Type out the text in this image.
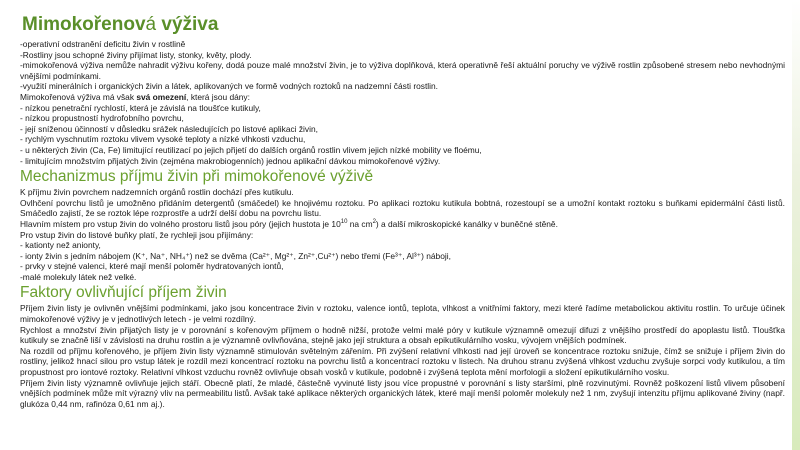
Mimokořenová výživa

-operativní odstranění deficitu živin v rostlině

-Rostliny jsou schopné živiny přijímat listy, stonky, květy, plody.

-mimokořenová výživa nemůže nahradit výživu kořeny, dodá pouze malé množství živin, je to výživa doplňková, která operativně řeší aktuální poruchy ve výživě rostlin způsobené stresem nebo nevhodnými vnějšími podmínkami.

-využití minerálních i organických živin a látek, aplikovaných ve formě vodných roztoků na nadzemní části rostlin.

Mimokořenová výživa má však svá omezení, která jsou dány:

- nízkou penetrační rychlostí, která je závislá na tloušťce kutikuly,

- nízkou propustností hydrofobního povrchu,

- její sníženou účinností v důsledku srážek následujících po listové aplikaci živin,

- rychlým vyschnutím roztoku vlivem vysoké teploty a nízké vlhkosti vzduchu,

- u některých živin (Ca, Fe) limitující reutilizací po jejich přijetí do dalších orgánů rostlin vlivem jejich nízké mobility ve floému,

- limitujícím množstvím přijatých živin (zejména makrobiogenních) jednou aplikační dávkou mimokořenové výživy.

Mechanizmus příjmu živin při mimokořenové výživě

K příjmu živin povrchem nadzemních orgánů rostlin dochází přes kutikulu.

Ovlhčení povrchu listů je umožněno přidáním detergentů (smáčedel) ke hnojivému roztoku. Po aplikaci roztoku kutikula bobtná, rozestoupí se a umožní kontakt roztoku s buňkami epidermální části listů. Smáčedlo zajistí, že se roztok lépe rozprostře a udrží delší dobu na povrchu listu.

Hlavním místem pro vstup živin do volného prostoru listů jsou póry (jejich hustota je $10^{10}$ na $cm^2$) a další mikroskopické kanálky v buněčné stěně.

Pro vstup živin do listové buňky platí, že rychleji jsou přijímány:

- kationty než anionty,

- ionty živin s jedním nábojem (K⁺, Na⁺, NH₄⁺) než se dvěma (Ca²⁺, Mg²⁺, Zn²⁺,Cu²⁺) nebo třemi (Fe³⁺, Al³⁺) náboji,

- prvky v stejné valenci, které mají menší poloměr hydratovaných iontů,

-malé molekuly látek než velké.

Faktory ovlivňující příjem živin

Příjem živin listy je ovlivněn vnějšími podmínkami, jako jsou koncentrace živin v roztoku, valence iontů, teplota, vlhkost a vnitřními faktory, mezi které řadíme metabolickou aktivitu rostlin. To určuje účinek mimokořenové výživy je v jednotlivých letech - je velmi rozdílný.

Rychlost a množství živin přijatých listy je v porovnání s kořenovým příjmem o hodně nižší, protože velmi malé póry v kutikule významně omezují difuzi z vnějšího prostředí do apoplastu listů. Tloušťka kutikuly se značně liší v závislosti na druhu rostlin a je významně ovlivňována, stejně jako její struktura a obsah epikutikulárního vosku, vývojem vnějších podmínek.

Na rozdíl od příjmu kořenového, je příjem živin listy významně stimulován světelným zářením. Při zvýšení relativní vlhkosti nad její úroveň se koncentrace roztoku snižuje, čímž se snižuje i příjem živin do rostliny, jelikož hnací silou pro vstup látek je rozdíl mezi koncentrací roztoku na povrchu listů a koncentrací roztoku v listech. Na druhou stranu zvýšená vlhkost vzduchu zvyšuje sorpci vody kutikulou, a tím propustnost pro iontové roztoky. Relativní vlhkost vzduchu rovněž ovlivňuje obsah vosků v kutikule, podobně i zvýšená teplota mění morfologii a složení epikutikulárního vosku.

Příjem živin listy významně ovlivňuje jejich stáří. Obecně platí, že mladé, částečně vyvinuté listy jsou více propustné v porovnání s listy staršími, plně rozvinutými. Rovněž poškození listů vlivem působení vnějších podmínek může mít výrazný vliv na permeabilitu listů. Avšak také aplikace některých organických látek, které mají menší poloměr molekuly než 1 nm, zvyšují intenzitu příjmu aplikované živiny (např. glukóza 0,44 nm, rafinóza 0,61 nm aj.).
